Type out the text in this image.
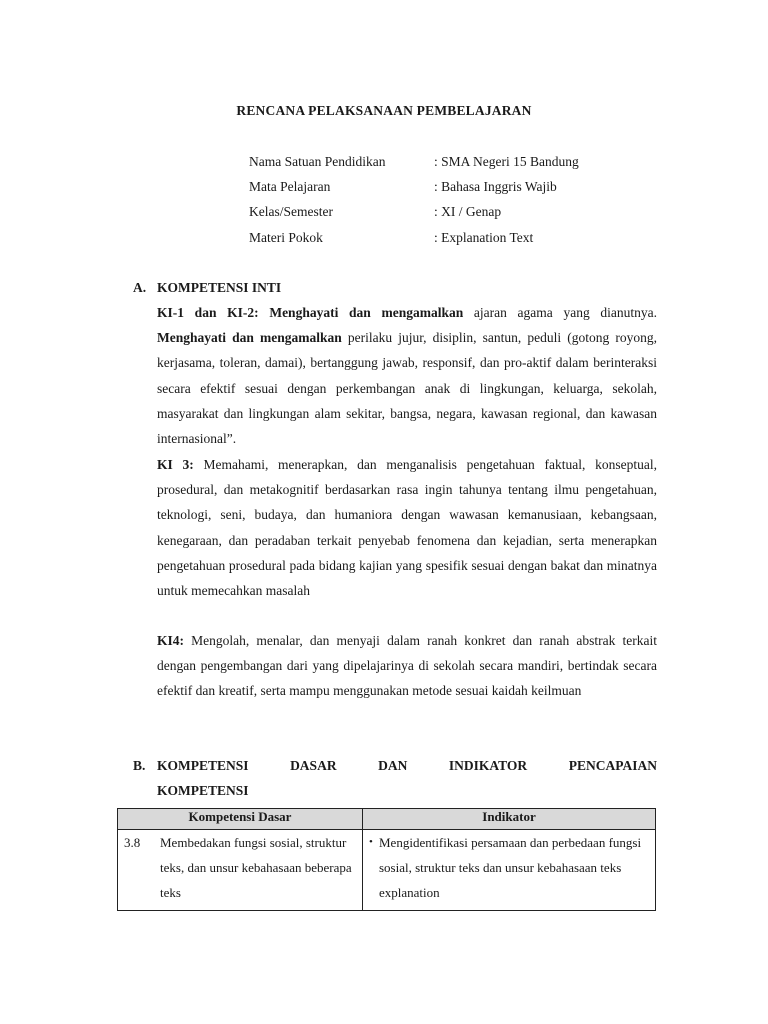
RENCANA PELAKSANAAN PEMBELAJARAN
Nama Satuan Pendidikan	: SMA Negeri 15 Bandung
Mata Pelajaran	: Bahasa Inggris Wajib
Kelas/Semester	: XI / Genap
Materi Pokok	: Explanation Text
A. KOMPETENSI INTI
KI-1 dan KI-2: Menghayati dan mengamalkan ajaran agama yang dianutnya. Menghayati dan mengamalkan perilaku jujur, disiplin, santun, peduli (gotong royong, kerjasama, toleran, damai), bertanggung jawab, responsif, dan pro-aktif dalam berinteraksi secara efektif sesuai dengan perkembangan anak di lingkungan, keluarga, sekolah, masyarakat dan lingkungan alam sekitar, bangsa, negara, kawasan regional, dan kawasan internasional”.
KI 3: Memahami, menerapkan, dan menganalisis pengetahuan faktual, konseptual, prosedural, dan metakognitif berdasarkan rasa ingin tahunya tentang ilmu pengetahuan, teknologi, seni, budaya, dan humaniora dengan wawasan kemanusiaan, kebangsaan, kenegaraan, dan peradaban terkait penyebab fenomena dan kejadian, serta menerapkan pengetahuan prosedural pada bidang kajian yang spesifik sesuai dengan bakat dan minatnya untuk memecahkan masalah
KI4: Mengolah, menalar, dan menyaji dalam ranah konkret dan ranah abstrak terkait dengan pengembangan dari yang dipelajarinya di sekolah secara mandiri, bertindak secara efektif dan kreatif, serta mampu menggunakan metode sesuai kaidah keilmuan
B. KOMPETENSI	DASAR	DAN	INDIKATOR	PENCAPAIAN
KOMPETENSI
Kompetensi Dasar	Indikator

3.8 Membedakan fungsi sosial, struktur teks, dan unsur kebahasaan beberapa teks	• Mengidentifikasi persamaan dan perbedaan fungsi sosial, struktur teks dan unsur kebahasaan teks explanation
